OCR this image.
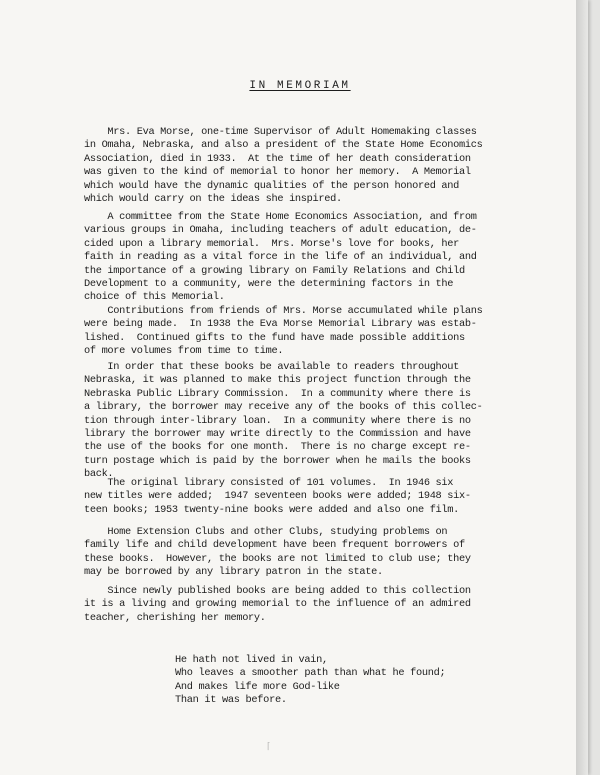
IN MEMORIAM

Mrs. Eva Morse, one-time Supervisor of Adult Homemaking classes
in Omaha, Nebraska, and also a president of the State Home Economics
Association, died in 1933.  At the time of her death consideration
was given to the kind of memorial to honor her memory.  A Memorial
which would have the dynamic qualities of the person honored and
which would carry on the ideas she inspired.

A committee from the State Home Economics Association, and from
various groups in Omaha, including teachers of adult education, de-
cided upon a library memorial.  Mrs. Morse's love for books, her
faith in reading as a vital force in the life of an individual, and
the importance of a growing library on Family Relations and Child
Development to a community, were the determining factors in the
choice of this Memorial.

Contributions from friends of Mrs. Morse accumulated while plans
were being made.  In 1938 the Eva Morse Memorial Library was estab-
lished.  Continued gifts to the fund have made possible additions
of more volumes from time to time.

In order that these books be available to readers throughout
Nebraska, it was planned to make this project function through the
Nebraska Public Library Commission.  In a community where there is
a library, the borrower may receive any of the books of this collec-
tion through inter-library loan.  In a community where there is no
library the borrower may write directly to the Commission and have
the use of the books for one month.  There is no charge except re-
turn postage which is paid by the borrower when he mails the books
back.

The original library consisted of 101 volumes.  In 1946 six
new titles were added;  1947 seventeen books were added; 1948 six-
teen books; 1953 twenty-nine books were added and also one film.

Home Extension Clubs and other Clubs, studying problems on
family life and child development have been frequent borrowers of
these books.  However, the books are not limited to club use; they
may be borrowed by any library patron in the state.

Since newly published books are being added to this collection
it is a living and growing memorial to the influence of an admired
teacher, cherishing her memory.

He hath not lived in vain,
Who leaves a smoother path than what he found;
And makes life more God-like
Than it was before.

⌈
